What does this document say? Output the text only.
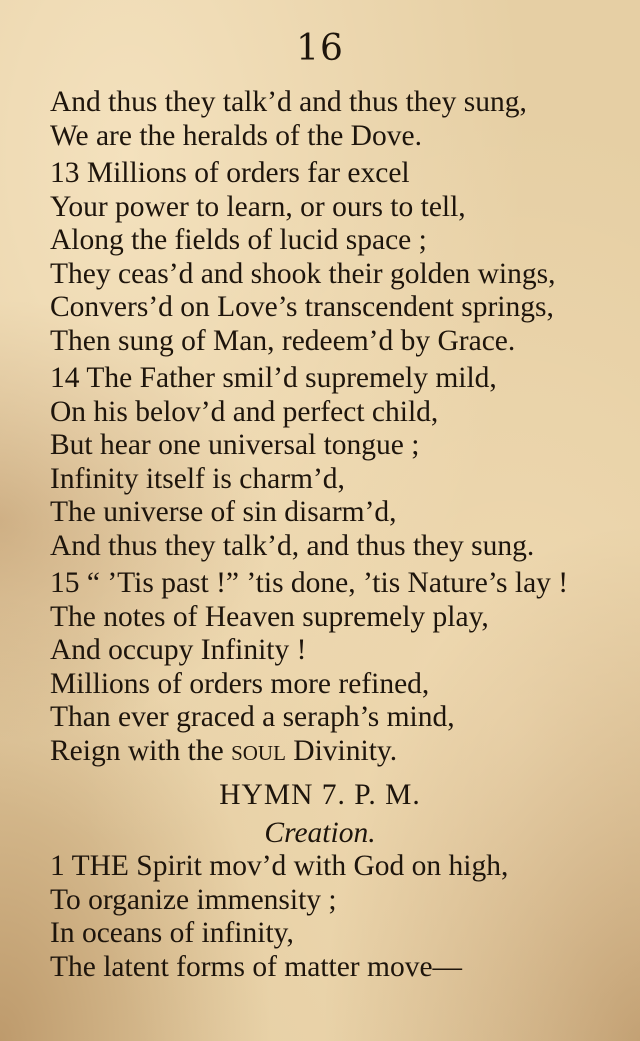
16
And thus they talk’d and thus they sung,
We are the heralds of the Dove.
13 Millions of orders far excel
Your power to learn, or ours to tell,
Along the fields of lucid space ;
They ceas’d and shook their golden wings,
Convers’d on Love’s transcendent springs,
Then sung of Man, redeem’d by Grace.
14 The Father smil’d supremely mild,
On his belov’d and perfect child,
But hear one universal tongue ;
Infinity itself is charm’d,
The universe of sin disarm’d,
And thus they talk’d, and thus they sung.
15 “ ’Tis past !” ’tis done, ’tis Nature’s lay !
The notes of Heaven supremely play,
And occupy Infinity !
Millions of orders more refined,
Than ever graced a seraph’s mind,
Reign with the soul Divinity.
HYMN 7. P. M.
Creation.
1 THE Spirit mov’d with God on high,
To organize immensity ;
In oceans of infinity,
The latent forms of matter move—
